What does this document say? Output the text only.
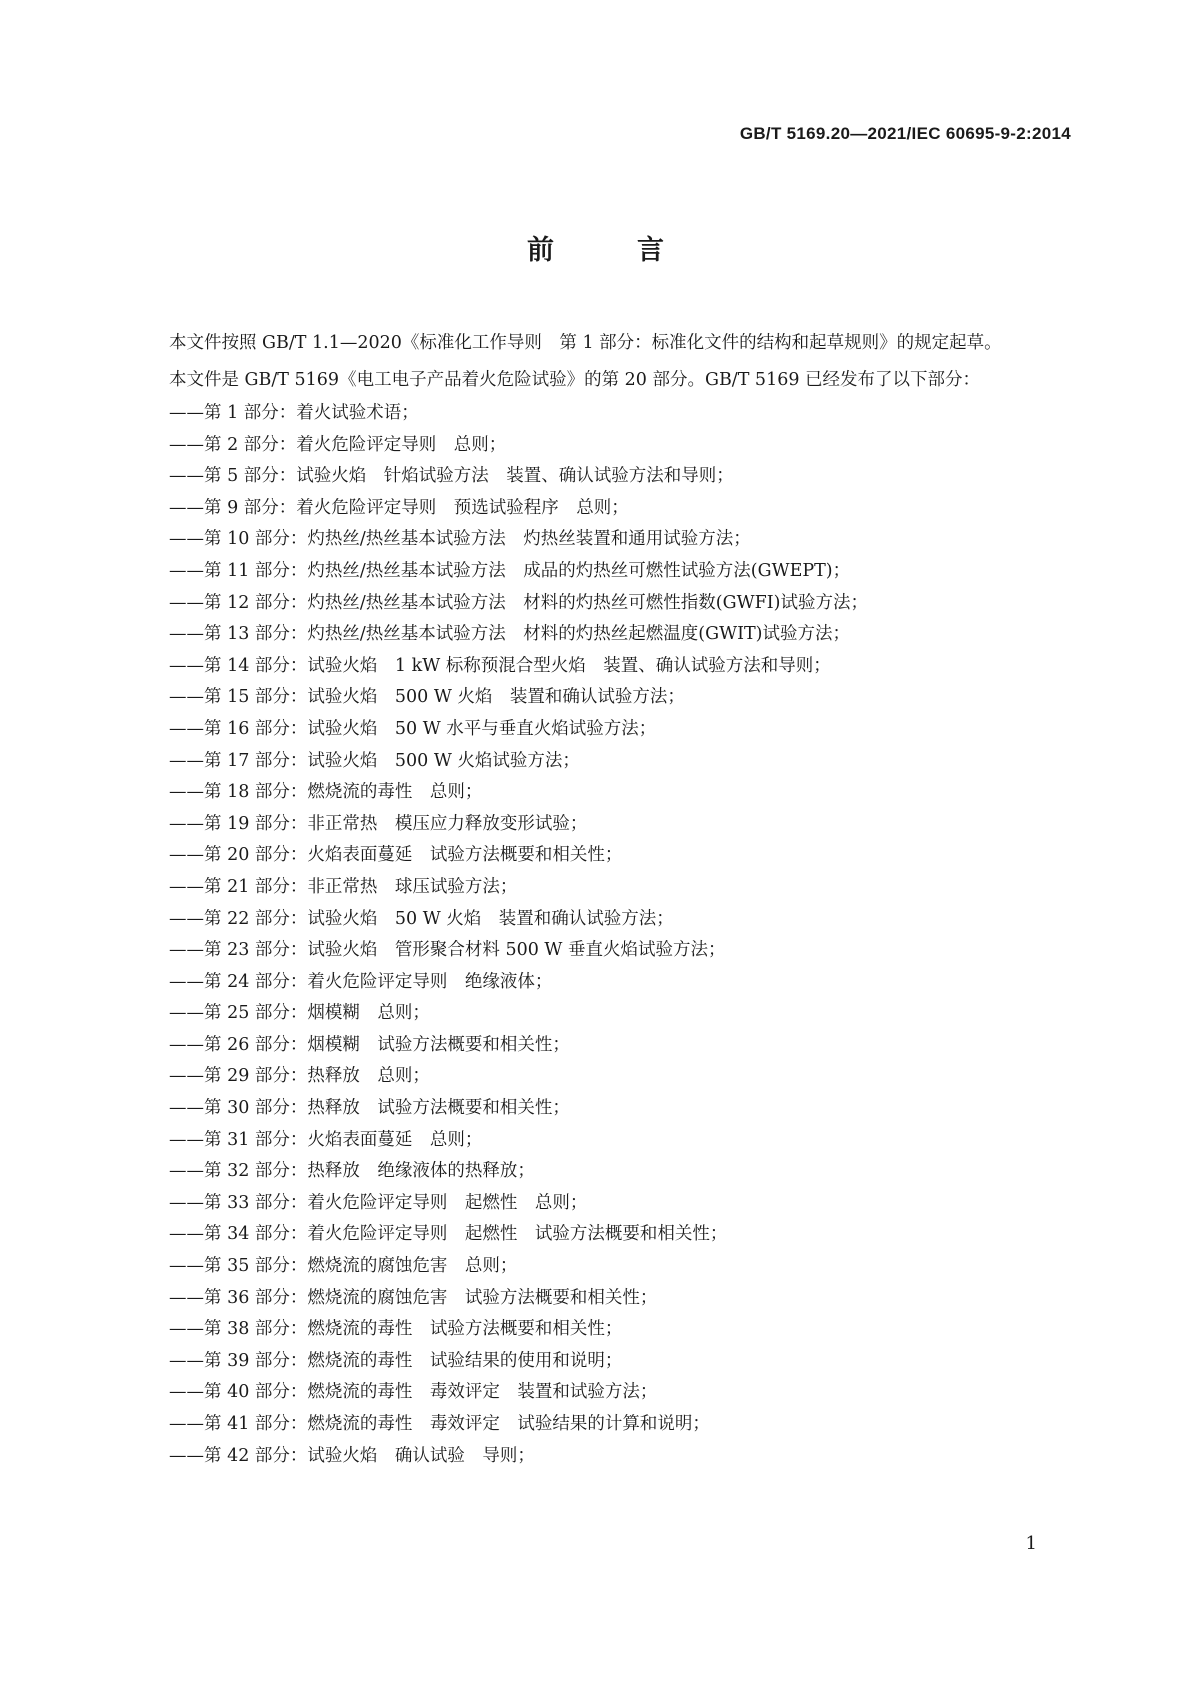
GB/T 5169.20—2021/IEC 60695-9-2:2014
前　言

本文件按照 GB/T 1.1—2020《标准化工作导则　第 1 部分：标准化文件的结构和起草规则》的规定起草。

本文件是 GB/T 5169《电工电子产品着火危险试验》的第 20 部分。GB/T 5169 已经发布了以下部分：

——第 1 部分：着火试验术语；
——第 2 部分：着火危险评定导则　总则；
——第 5 部分：试验火焰　针焰试验方法　装置、确认试验方法和导则；
——第 9 部分：着火危险评定导则　预选试验程序　总则；
——第 10 部分：灼热丝/热丝基本试验方法　灼热丝装置和通用试验方法；
——第 11 部分：灼热丝/热丝基本试验方法　成品的灼热丝可燃性试验方法(GWEPT)；
——第 12 部分：灼热丝/热丝基本试验方法　材料的灼热丝可燃性指数(GWFI)试验方法；
——第 13 部分：灼热丝/热丝基本试验方法　材料的灼热丝起燃温度(GWIT)试验方法；
——第 14 部分：试验火焰　1 kW 标称预混合型火焰　装置、确认试验方法和导则；
——第 15 部分：试验火焰　500 W 火焰　装置和确认试验方法；
——第 16 部分：试验火焰　50 W 水平与垂直火焰试验方法；
——第 17 部分：试验火焰　500 W 火焰试验方法；
——第 18 部分：燃烧流的毒性　总则；
——第 19 部分：非正常热　模压应力释放变形试验；
——第 20 部分：火焰表面蔓延　试验方法概要和相关性；
——第 21 部分：非正常热　球压试验方法；
——第 22 部分：试验火焰　50 W 火焰　装置和确认试验方法；
——第 23 部分：试验火焰　管形聚合材料 500 W 垂直火焰试验方法；
——第 24 部分：着火危险评定导则　绝缘液体；
——第 25 部分：烟模糊　总则；
——第 26 部分：烟模糊　试验方法概要和相关性；
——第 29 部分：热释放　总则；
——第 30 部分：热释放　试验方法概要和相关性；
——第 31 部分：火焰表面蔓延　总则；
——第 32 部分：热释放　绝缘液体的热释放；
——第 33 部分：着火危险评定导则　起燃性　总则；
——第 34 部分：着火危险评定导则　起燃性　试验方法概要和相关性；
——第 35 部分：燃烧流的腐蚀危害　总则；
——第 36 部分：燃烧流的腐蚀危害　试验方法概要和相关性；
——第 38 部分：燃烧流的毒性　试验方法概要和相关性；
——第 39 部分：燃烧流的毒性　试验结果的使用和说明；
——第 40 部分：燃烧流的毒性　毒效评定　装置和试验方法；
——第 41 部分：燃烧流的毒性　毒效评定　试验结果的计算和说明；
——第 42 部分：试验火焰　确认试验　导则；
1
